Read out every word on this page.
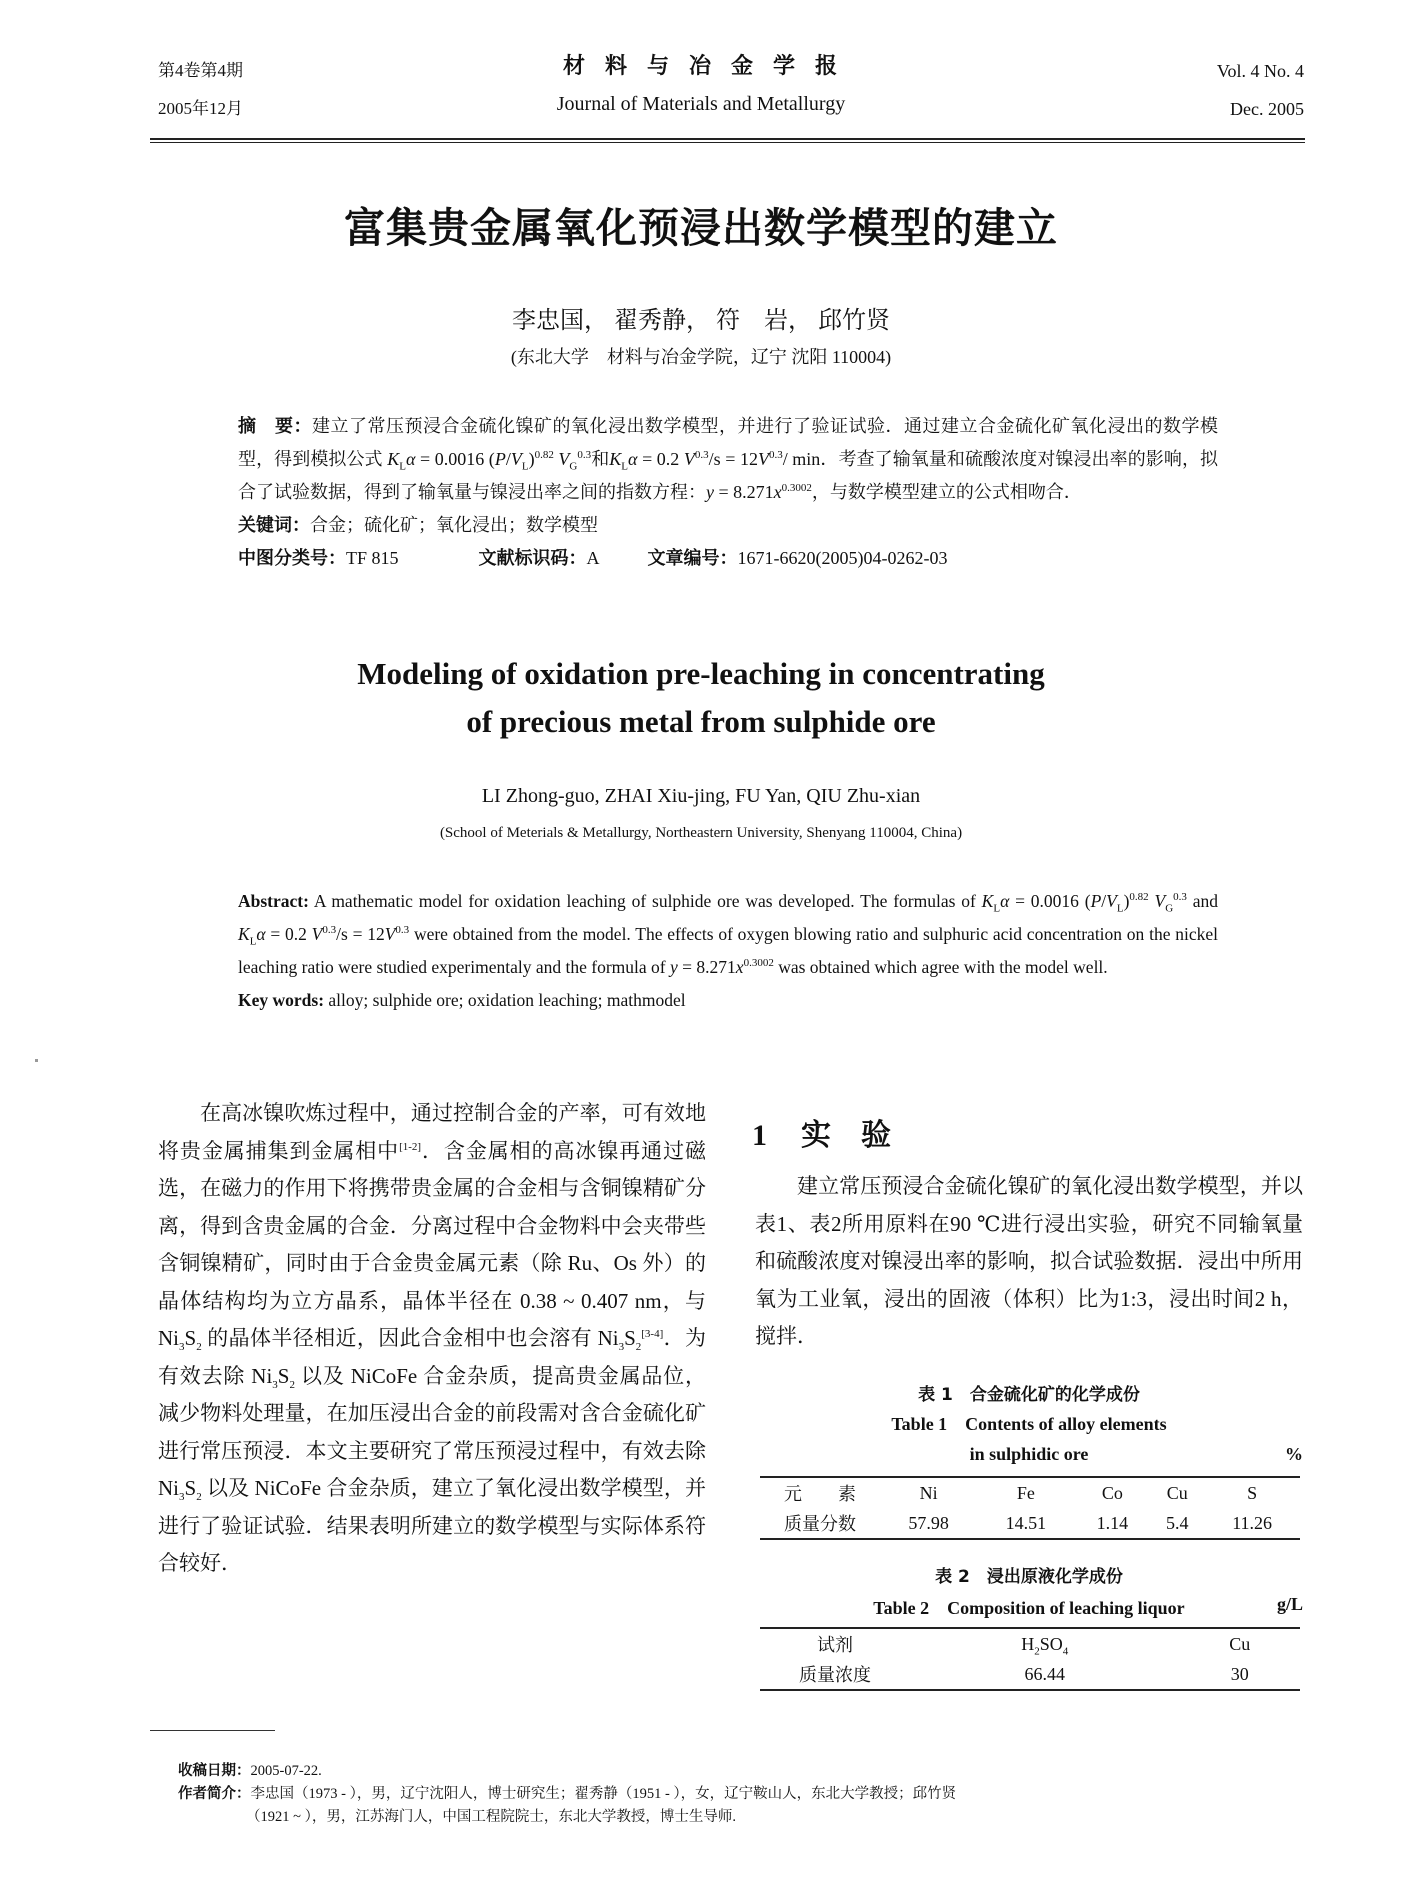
第4卷第4期
2005年12月
材料与冶金学报
Journal of Materials and Metallurgy
Vol. 4 No. 4
Dec. 2005
富集贵金属氧化预浸出数学模型的建立
李忠国， 翟秀静， 符　岩， 邱竹贤
(东北大学　材料与冶金学院，辽宁 沈阳 110004)
摘　要：建立了常压预浸合金硫化镍矿的氧化浸出数学模型，并进行了验证试验．通过建立合金硫化矿氧化浸出的数学模型，得到模拟公式 $K_L\alpha = 0.0016$ $(P/V_L)^{0.82}$ $V_G^{0.3}$和$K_L\alpha = 0.2$ $V^{0.3}/s = 12V^{0.3}/$ min．考查了输氧量和硫酸浓度对镍浸出率的影响，拟合了试验数据，得到了输氧量与镍浸出率之间的指数方程：$y = 8.271x^{0.3002}$，与数学模型建立的公式相吻合．
关键词：合金；硫化矿；氧化浸出；数学模型
中图分类号：TF 815	文献标识码：A	文章编号：1671-6620(2005)04-0262-03
Modeling of oxidation pre-leaching in concentrating
of precious metal from sulphide ore
LI Zhong-guo, ZHAI Xiu-jing, FU Yan, QIU Zhu-xian
(School of Meterials & Metallurgy, Northeastern University, Shenyang 110004, China)
Abstract: A mathematic model for oxidation leaching of sulphide ore was developed. The formulas of $K_L\alpha = 0.0016$ $(P/V_L)^{0.82}$ $V_G^{0.3}$ and $K_L\alpha = 0.2$ $V^{0.3}/s = 12V^{0.3}$ were obtained from the model. The effects of oxygen blowing ratio and sulphuric acid concentration on the nickel leaching ratio were studied experimentaly and the formula of $y = 8.271x^{0.3002}$ was obtained which agree with the model well.
Key words: alloy; sulphide ore; oxidation leaching; mathmodel

在高冰镍吹炼过程中，通过控制合金的产率，可有效地将贵金属捕集到金属相中[1-2]．含金属相的高冰镍再通过磁选，在磁力的作用下将携带贵金属的合金相与含铜镍精矿分离，得到含贵金属的合金．分离过程中合金物料中会夹带些含铜镍精矿，同时由于合金贵金属元素（除 Ru、Os 外）的晶体结构均为立方晶系，晶体半径在 0.38 ~ 0.407 nm，与 $Ni_3S_2$ 的晶体半径相近，因此合金相中也会溶有 $Ni_3S_2[3-4]$．为有效去除 $Ni_3S_2$ 以及 NiCoFe 合金杂质，提高贵金属品位，减少物料处理量，在加压浸出合金的前段需对含合金硫化矿进行常压预浸．本文主要研究了常压预浸过程中，有效去除 $Ni_3S_2$ 以及 NiCoFe 合金杂质，建立了氧化浸出数学模型，并进行了验证试验．结果表明所建立的数学模型与实际体系符合较好．

1 实 验

建立常压预浸合金硫化镍矿的氧化浸出数学模型，并以表1、表2所用原料在90 ℃进行浸出实验，研究不同输氧量和硫酸浓度对镍浸出率的影响，拟合试验数据．浸出中所用氧为工业氧，浸出的固液（体积）比为1:3，浸出时间2 h，搅拌．

表 1　合金硫化矿的化学成份
Table 1　Contents of alloy elements
in sulphidic ore	%
元　　素	Ni	Fe	Co	Cu	S
质量分数	57.98	14.51	1.14	5.4	11.26
表 2　浸出原液化学成份
Table 2　Composition of leaching liquor	g/L
试剂	$H_2SO_4$	Cu
质量浓度	66.44	30
收稿日期：2005-07-22.
作者简介：李忠国（1973 - ），男，辽宁沈阳人，博士研究生；翟秀静（1951 - ），女，辽宁鞍山人，东北大学教授；邱竹贤
（1921 ~ ），男，江苏海门人，中国工程院院士，东北大学教授，博士生导师.
